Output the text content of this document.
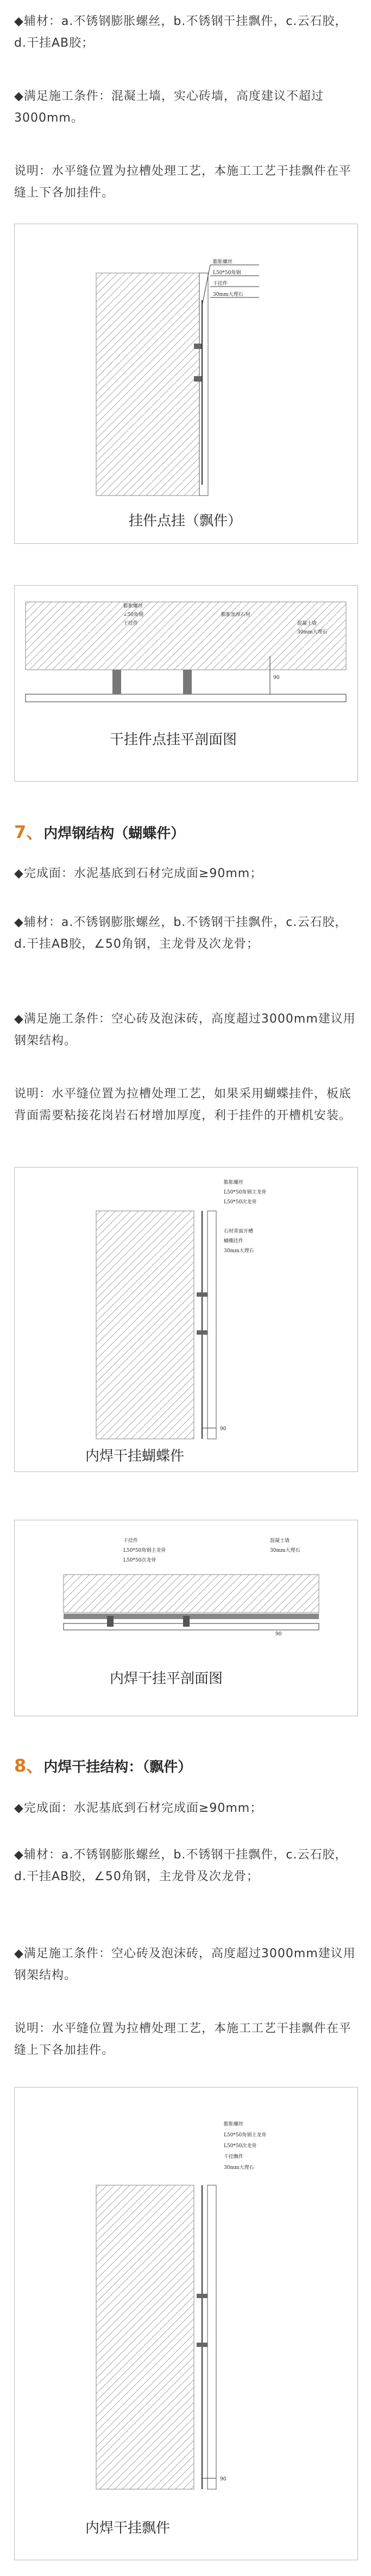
◆辅材：a.不锈钢膨胀螺丝，b.不锈钢干挂飘件，c.云石胶，d.干挂AB胶；

◆满足施工条件：混凝土墙，实心砖墙，高度建议不超过3000mm。

说明：水平缝位置为拉槽处理工艺，本施工工艺干挂飘件在平缝上下各加挂件。

膨胀螺丝
L50*50角钢
干挂件
30mm大理石
挂件点挂（飘件）
90
膨胀螺丝
∠50角钢
干挂件
膨胀加厚石材
混凝土墙
30mm大理石
干挂件点挂平剖面图
7、内焊钢结构（蝴蝶件）

◆完成面：水泥基底到石材完成面≥90mm；

◆辅材：a.不锈钢膨胀螺丝，b.不锈钢干挂飘件，c.云石胶，d.干挂AB胶，∠50角钢，主龙骨及次龙骨；

◆满足施工条件：空心砖及泡沫砖，高度超过3000mm建议用钢架结构。

说明：水平缝位置为拉槽处理工艺，如果采用蝴蝶挂件，板底背面需要粘接花岗岩石材增加厚度，利于挂件的开槽机安装。

90
膨胀螺丝
L50*50角钢主龙骨
L50*50次龙骨
石材背面开槽
蝴蝶挂件
30mm大理石
内焊干挂蝴蝶件
90
干挂件
L50*50角钢主龙骨
L50*50次龙骨
混凝土墙
30mm大理石
内焊干挂平剖面图
8、内焊干挂结构：（飘件）

◆完成面：水泥基底到石材完成面≥90mm；

◆辅材：a.不锈钢膨胀螺丝，b.不锈钢干挂飘件，c.云石胶，d.干挂AB胶，∠50角钢，主龙骨及次龙骨；

◆满足施工条件：空心砖及泡沫砖，高度超过3000mm建议用钢架结构。

说明：水平缝位置为拉槽处理工艺，本施工工艺干挂飘件在平缝上下各加挂件。

90
膨胀螺丝
L50*50角钢主龙骨
L50*50次龙骨
干挂飘件
30mm大理石
内焊干挂飘件
